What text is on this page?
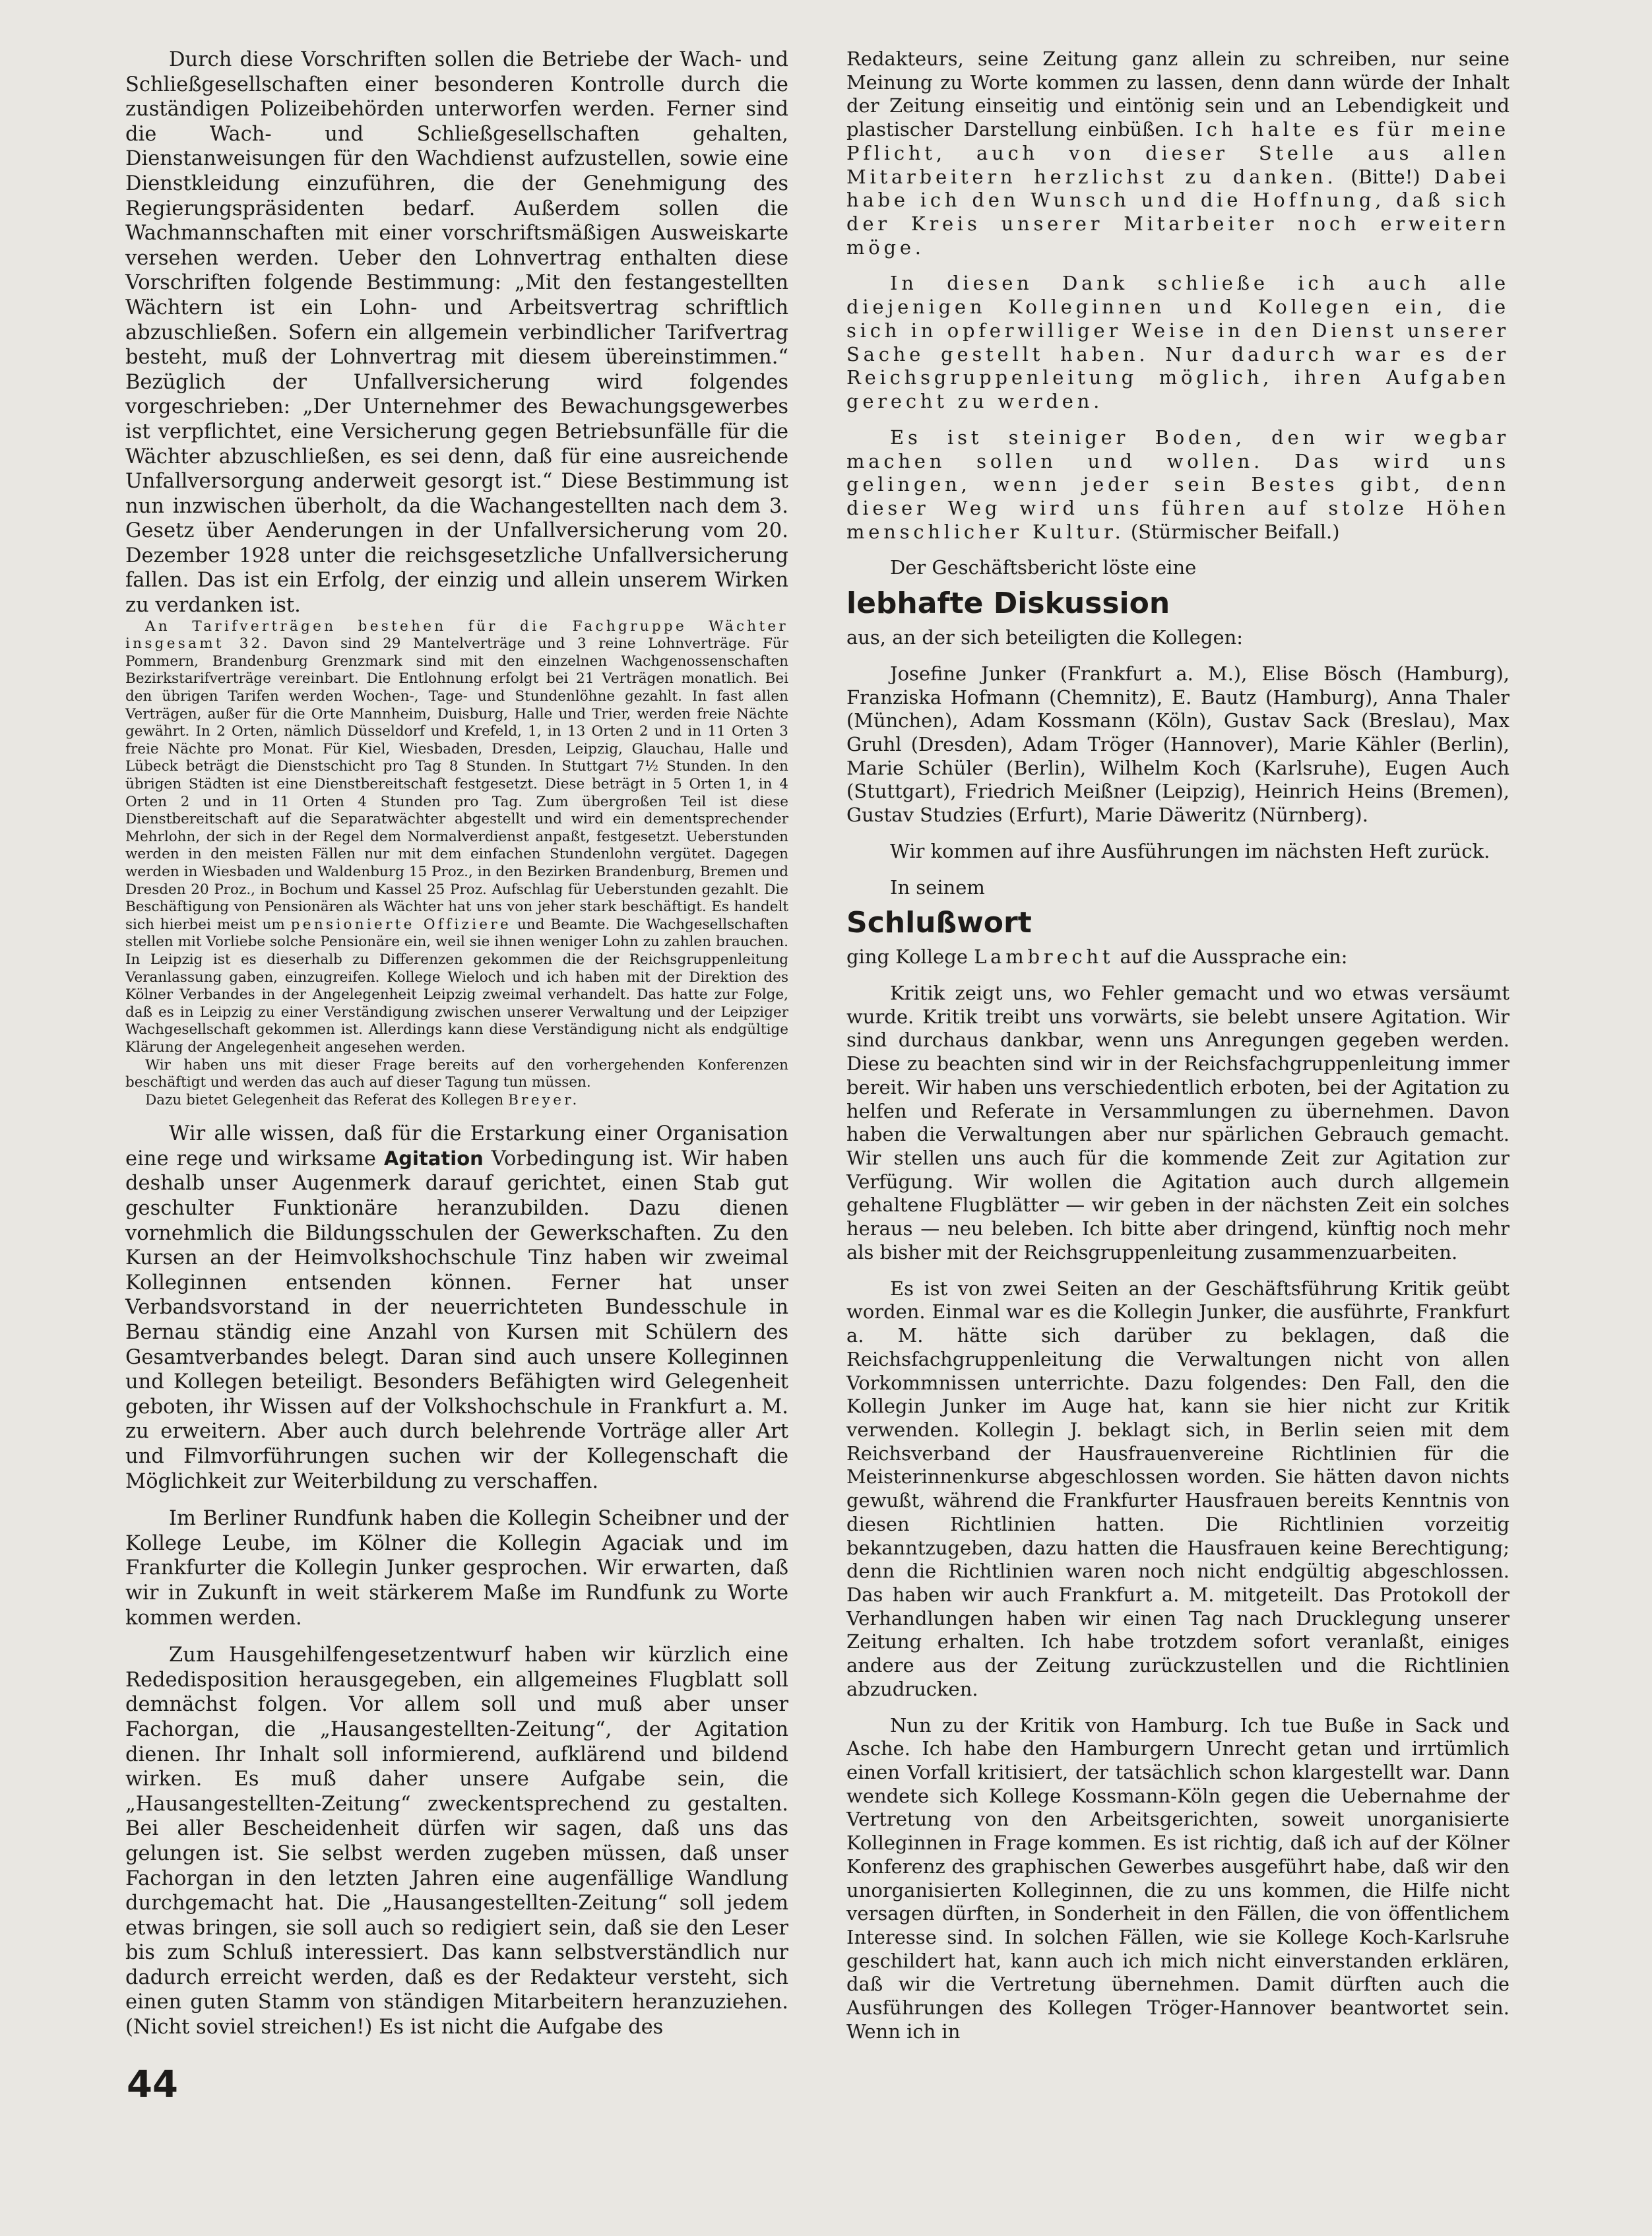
Durch diese Vorschriften sollen die Betriebe der Wach- und Schließgesellschaften einer besonderen Kontrolle durch die zuständigen Polizeibehörden unterworfen werden. Ferner sind die Wach- und Schließgesellschaften gehalten, Dienstanweisungen für den Wachdienst aufzustellen, sowie eine Dienstkleidung einzuführen, die der Genehmigung des Regierungspräsidenten bedarf. Außerdem sollen die Wachmannschaften mit einer vorschriftsmäßigen Ausweiskarte versehen werden. Ueber den Lohnvertrag enthalten diese Vorschriften folgende Bestimmung: „Mit den festangestellten Wächtern ist ein Lohn- und Arbeitsvertrag schriftlich abzuschließen. Sofern ein allgemein verbindlicher Tarifvertrag besteht, muß der Lohnvertrag mit diesem übereinstimmen.“ Bezüglich der Unfallversicherung wird folgendes vorgeschrieben: „Der Unternehmer des Bewachungsgewerbes ist verpflichtet, eine Versicherung gegen Betriebsunfälle für die Wächter abzuschließen, es sei denn, daß für eine ausreichende Unfallversorgung anderweit gesorgt ist.“ Diese Bestimmung ist nun inzwischen überholt, da die Wachangestellten nach dem 3. Gesetz über Aenderungen in der Unfallversicherung vom 20. Dezember 1928 unter die reichsgesetzliche Unfallversicherung fallen. Das ist ein Erfolg, der einzig und allein unserem Wirken zu verdanken ist.

An Tarifverträgen bestehen für die Fachgruppe Wächter insgesamt 32. Davon sind 29 Mantelverträge und 3 reine Lohnverträge. Für Pommern, Brandenburg Grenzmark sind mit den einzelnen Wachgenossenschaften Bezirkstarifverträge vereinbart. Die Entlohnung erfolgt bei 21 Verträgen monatlich. Bei den übrigen Tarifen werden Wochen-, Tage- und Stundenlöhne gezahlt. In fast allen Verträgen, außer für die Orte Mannheim, Duisburg, Halle und Trier, werden freie Nächte gewährt. In 2 Orten, nämlich Düsseldorf und Krefeld, 1, in 13 Orten 2 und in 11 Orten 3 freie Nächte pro Monat. Für Kiel, Wiesbaden, Dresden, Leipzig, Glauchau, Halle und Lübeck beträgt die Dienstschicht pro Tag 8 Stunden. In Stuttgart 7½ Stunden. In den übrigen Städten ist eine Dienstbereitschaft festgesetzt. Diese beträgt in 5 Orten 1, in 4 Orten 2 und in 11 Orten 4 Stunden pro Tag. Zum übergroßen Teil ist diese Dienstbereitschaft auf die Separatwächter abgestellt und wird ein dementsprechender Mehrlohn, der sich in der Regel dem Normalverdienst anpaßt, festgesetzt. Ueberstunden werden in den meisten Fällen nur mit dem einfachen Stundenlohn vergütet. Dagegen werden in Wiesbaden und Waldenburg 15 Proz., in den Bezirken Brandenburg, Bremen und Dresden 20 Proz., in Bochum und Kassel 25 Proz. Aufschlag für Ueberstunden gezahlt. Die Beschäftigung von Pensionären als Wächter hat uns von jeher stark beschäftigt. Es handelt sich hierbei meist um pensionierte Offiziere und Beamte. Die Wachgesellschaften stellen mit Vorliebe solche Pensionäre ein, weil sie ihnen weniger Lohn zu zahlen brauchen. In Leipzig ist es dieserhalb zu Differenzen gekommen die der Reichsgruppenleitung Veranlassung gaben, einzugreifen. Kollege Wieloch und ich haben mit der Direktion des Kölner Verbandes in der Angelegenheit Leipzig zweimal verhandelt. Das hatte zur Folge, daß es in Leipzig zu einer Verständigung zwischen unserer Verwaltung und der Leipziger Wachgesellschaft gekommen ist. Allerdings kann diese Verständigung nicht als endgültige Klärung der Angelegenheit angesehen werden.

Wir haben uns mit dieser Frage bereits auf den vorhergehenden Konferenzen beschäftigt und werden das auch auf dieser Tagung tun müssen.

Dazu bietet Gelegenheit das Referat des Kollegen Breyer.

Wir alle wissen, daß für die Erstarkung einer Organisation eine rege und wirksame Agitation Vorbedingung ist. Wir haben deshalb unser Augenmerk darauf gerichtet, einen Stab gut geschulter Funktionäre heranzubilden. Dazu dienen vornehmlich die Bildungsschulen der Gewerkschaften. Zu den Kursen an der Heimvolkshochschule Tinz haben wir zweimal Kolleginnen entsenden können. Ferner hat unser Verbandsvorstand in der neuerrichteten Bundesschule in Bernau ständig eine Anzahl von Kursen mit Schülern des Gesamtverbandes belegt. Daran sind auch unsere Kolleginnen und Kollegen beteiligt. Besonders Befähigten wird Gelegenheit geboten, ihr Wissen auf der Volkshochschule in Frankfurt a. M. zu erweitern. Aber auch durch belehrende Vorträge aller Art und Filmvorführungen suchen wir der Kollegenschaft die Möglichkeit zur Weiterbildung zu verschaffen.

Im Berliner Rundfunk haben die Kollegin Scheibner und der Kollege Leube, im Kölner die Kollegin Agaciak und im Frankfurter die Kollegin Junker gesprochen. Wir erwarten, daß wir in Zukunft in weit stärkerem Maße im Rundfunk zu Worte kommen werden.

Zum Hausgehilfengesetzentwurf haben wir kürzlich eine Rededisposition herausgegeben, ein allgemeines Flugblatt soll demnächst folgen. Vor allem soll und muß aber unser Fachorgan, die „Hausangestellten-Zeitung“, der Agitation dienen. Ihr Inhalt soll informierend, aufklärend und bildend wirken. Es muß daher unsere Aufgabe sein, die „Hausangestellten-Zeitung“ zweckentsprechend zu gestalten. Bei aller Bescheidenheit dürfen wir sagen, daß uns das gelungen ist. Sie selbst werden zugeben müssen, daß unser Fachorgan in den letzten Jahren eine augenfällige Wandlung durchgemacht hat. Die „Hausangestellten-Zeitung“ soll jedem etwas bringen, sie soll auch so redigiert sein, daß sie den Leser bis zum Schluß interessiert. Das kann selbstverständlich nur dadurch erreicht werden, daß es der Redakteur versteht, sich einen guten Stamm von ständigen Mitarbeitern heranzuziehen. (Nicht soviel streichen!) Es ist nicht die Aufgabe des

Redakteurs, seine Zeitung ganz allein zu schreiben, nur seine Meinung zu Worte kommen zu lassen, denn dann würde der Inhalt der Zeitung einseitig und eintönig sein und an Lebendigkeit und plastischer Darstellung einbüßen. Ich halte es für meine Pflicht, auch von dieser Stelle aus allen Mitarbeitern herzlichst zu danken. (Bitte!) Dabei habe ich den Wunsch und die Hoffnung, daß sich der Kreis unserer Mitarbeiter noch erweitern möge.

In diesen Dank schließe ich auch alle diejenigen Kolleginnen und Kollegen ein, die sich in opferwilliger Weise in den Dienst unserer Sache gestellt haben. Nur dadurch war es der Reichsgruppenleitung möglich, ihren Aufgaben gerecht zu werden.

Es ist steiniger Boden, den wir wegbar machen sollen und wollen. Das wird uns gelingen, wenn jeder sein Bestes gibt, denn dieser Weg wird uns führen auf stolze Höhen menschlicher Kultur. (Stürmischer Beifall.)

Der Geschäftsbericht löste eine

lebhafte Diskussion

aus, an der sich beteiligten die Kollegen:

Josefine Junker (Frankfurt a. M.), Elise Bösch (Hamburg), Franziska Hofmann (Chemnitz), E. Bautz (Hamburg), Anna Thaler (München), Adam Kossmann (Köln), Gustav Sack (Breslau), Max Gruhl (Dresden), Adam Tröger (Hannover), Marie Kähler (Berlin), Marie Schüler (Berlin), Wilhelm Koch (Karlsruhe), Eugen Auch (Stuttgart), Friedrich Meißner (Leipzig), Heinrich Heins (Bremen), Gustav Studzies (Erfurt), Marie Däweritz (Nürnberg).

Wir kommen auf ihre Ausführungen im nächsten Heft zurück.

In seinem

Schlußwort

ging Kollege Lambrecht auf die Aussprache ein:

Kritik zeigt uns, wo Fehler gemacht und wo etwas versäumt wurde. Kritik treibt uns vorwärts, sie belebt unsere Agitation. Wir sind durchaus dankbar, wenn uns Anregungen gegeben werden. Diese zu beachten sind wir in der Reichsfachgruppenleitung immer bereit. Wir haben uns verschiedentlich erboten, bei der Agitation zu helfen und Referate in Versammlungen zu übernehmen. Davon haben die Verwaltungen aber nur spärlichen Gebrauch gemacht. Wir stellen uns auch für die kommende Zeit zur Agitation zur Verfügung. Wir wollen die Agitation auch durch allgemein gehaltene Flugblätter — wir geben in der nächsten Zeit ein solches heraus — neu beleben. Ich bitte aber dringend, künftig noch mehr als bisher mit der Reichsgruppenleitung zusammenzuarbeiten.

Es ist von zwei Seiten an der Geschäftsführung Kritik geübt worden. Einmal war es die Kollegin Junker, die ausführte, Frankfurt a. M. hätte sich darüber zu beklagen, daß die Reichsfachgruppenleitung die Verwaltungen nicht von allen Vorkommnissen unterrichte. Dazu folgendes: Den Fall, den die Kollegin Junker im Auge hat, kann sie hier nicht zur Kritik verwenden. Kollegin J. beklagt sich, in Berlin seien mit dem Reichsverband der Hausfrauenvereine Richtlinien für die Meisterinnenkurse abgeschlossen worden. Sie hätten davon nichts gewußt, während die Frankfurter Hausfrauen bereits Kenntnis von diesen Richtlinien hatten. Die Richtlinien vorzeitig bekanntzugeben, dazu hatten die Hausfrauen keine Berechtigung; denn die Richtlinien waren noch nicht endgültig abgeschlossen. Das haben wir auch Frankfurt a. M. mitgeteilt. Das Protokoll der Verhandlungen haben wir einen Tag nach Drucklegung unserer Zeitung erhalten. Ich habe trotzdem sofort veranlaßt, einiges andere aus der Zeitung zurückzustellen und die Richtlinien abzudrucken.

Nun zu der Kritik von Hamburg. Ich tue Buße in Sack und Asche. Ich habe den Hamburgern Unrecht getan und irrtümlich einen Vorfall kritisiert, der tatsächlich schon klargestellt war. Dann wendete sich Kollege Kossmann-Köln gegen die Uebernahme der Vertretung von den Arbeitsgerichten, soweit unorganisierte Kolleginnen in Frage kommen. Es ist richtig, daß ich auf der Kölner Konferenz des graphischen Gewerbes ausgeführt habe, daß wir den unorganisierten Kolleginnen, die zu uns kommen, die Hilfe nicht versagen dürften, in Sonderheit in den Fällen, die von öffentlichem Interesse sind. In solchen Fällen, wie sie Kollege Koch-Karlsruhe geschildert hat, kann auch ich mich nicht einverstanden erklären, daß wir die Vertretung übernehmen. Damit dürften auch die Ausführungen des Kollegen Tröger-Hannover beantwortet sein. Wenn ich in

44
